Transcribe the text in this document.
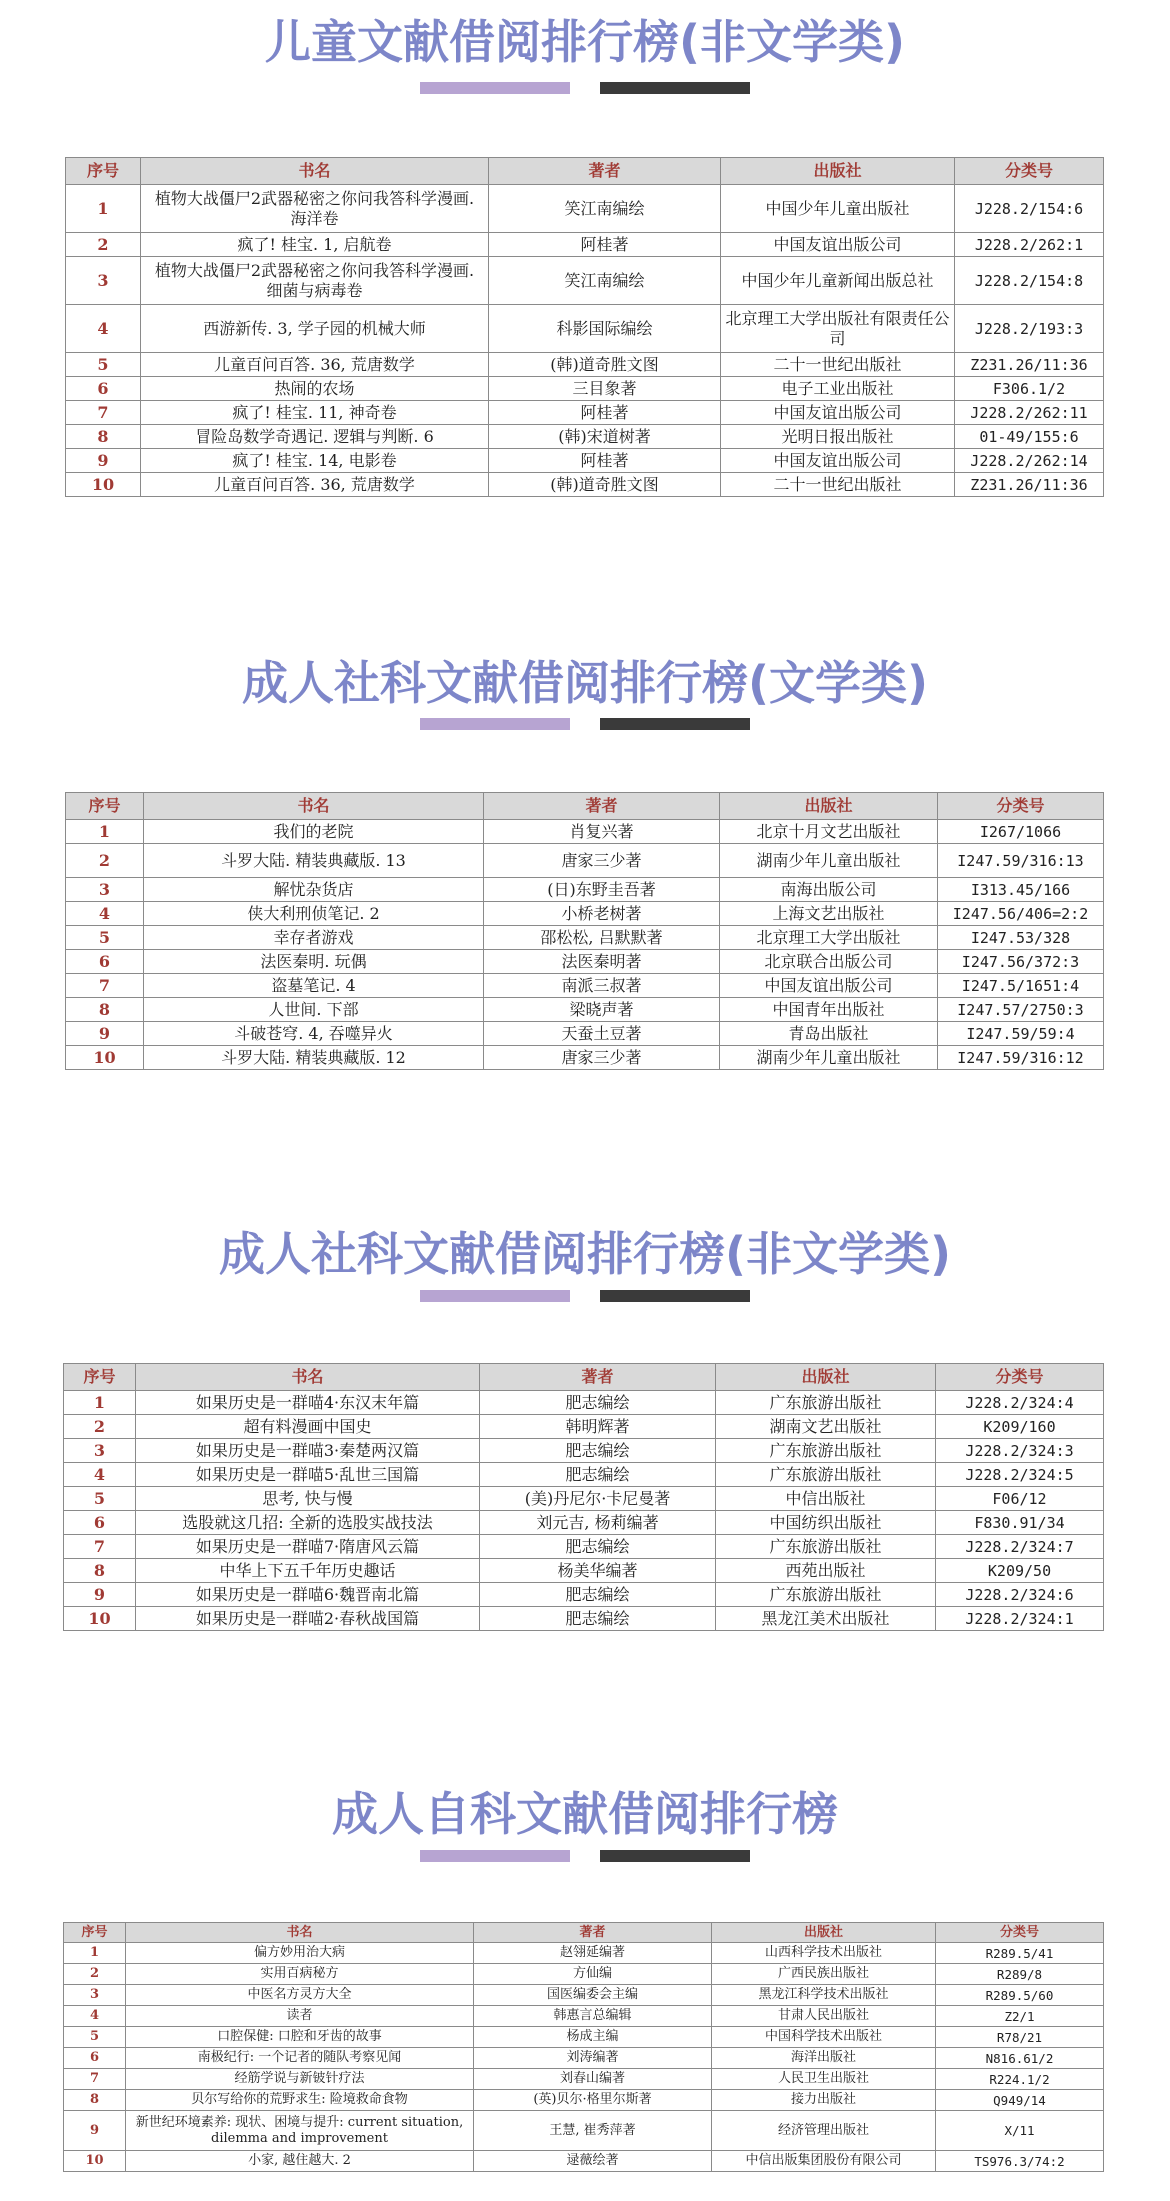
儿童文献借阅排行榜(非文学类)
序号	书名	著者	出版社	分类号
1	植物大战僵尸2武器秘密之你问我答科学漫画. 海洋卷	笑江南编绘	中国少年儿童出版社	J228.2/154:6
2	疯了! 桂宝. 1, 启航卷	阿桂著	中国友谊出版公司	J228.2/262:1
3	植物大战僵尸2武器秘密之你问我答科学漫画. 细菌与病毒卷	笑江南编绘	中国少年儿童新闻出版总社	J228.2/154:8
4	西游新传. 3, 学子园的机械大师	科影国际编绘	北京理工大学出版社有限责任公司	J228.2/193:3
5	儿童百问百答. 36, 荒唐数学	(韩)道奇胜文图	二十一世纪出版社	Z231.26/11:36
6	热闹的农场	三目象著	电子工业出版社	F306.1/2
7	疯了! 桂宝. 11, 神奇卷	阿桂著	中国友谊出版公司	J228.2/262:11
8	冒险岛数学奇遇记. 逻辑与判断. 6	(韩)宋道树著	光明日报出版社	01-49/155:6
9	疯了! 桂宝. 14, 电影卷	阿桂著	中国友谊出版公司	J228.2/262:14
10	儿童百问百答. 36, 荒唐数学	(韩)道奇胜文图	二十一世纪出版社	Z231.26/11:36
成人社科文献借阅排行榜(文学类)
序号	书名	著者	出版社	分类号
1	我们的老院	肖复兴著	北京十月文艺出版社	I267/1066
2	斗罗大陆. 精装典藏版. 13	唐家三少著	湖南少年儿童出版社	I247.59/316:13
3	解忧杂货店	(日)东野圭吾著	南海出版公司	I313.45/166
4	侠大利刑侦笔记. 2	小桥老树著	上海文艺出版社	I247.56/406=2:2
5	幸存者游戏	邵松松, 吕默默著	北京理工大学出版社	I247.53/328
6	法医秦明. 玩偶	法医秦明著	北京联合出版公司	I247.56/372:3
7	盗墓笔记. 4	南派三叔著	中国友谊出版公司	I247.5/1651:4
8	人世间. 下部	梁晓声著	中国青年出版社	I247.57/2750:3
9	斗破苍穹. 4, 吞噬异火	天蚕土豆著	青岛出版社	I247.59/59:4
10	斗罗大陆. 精装典藏版. 12	唐家三少著	湖南少年儿童出版社	I247.59/316:12
成人社科文献借阅排行榜(非文学类)
序号	书名	著者	出版社	分类号
1	如果历史是一群喵4·东汉末年篇	肥志编绘	广东旅游出版社	J228.2/324:4
2	超有料漫画中国史	韩明辉著	湖南文艺出版社	K209/160
3	如果历史是一群喵3·秦楚两汉篇	肥志编绘	广东旅游出版社	J228.2/324:3
4	如果历史是一群喵5·乱世三国篇	肥志编绘	广东旅游出版社	J228.2/324:5
5	思考, 快与慢	(美)丹尼尔·卡尼曼著	中信出版社	F06/12
6	选股就这几招: 全新的选股实战技法	刘元吉, 杨莉编著	中国纺织出版社	F830.91/34
7	如果历史是一群喵7·隋唐风云篇	肥志编绘	广东旅游出版社	J228.2/324:7
8	中华上下五千年历史趣话	杨美华编著	西苑出版社	K209/50
9	如果历史是一群喵6·魏晋南北篇	肥志编绘	广东旅游出版社	J228.2/324:6
10	如果历史是一群喵2·春秋战国篇	肥志编绘	黑龙江美术出版社	J228.2/324:1
成人自科文献借阅排行榜
序号	书名	著者	出版社	分类号
1	偏方妙用治大病	赵翎延编著	山西科学技术出版社	R289.5/41
2	实用百病秘方	方仙编	广西民族出版社	R289/8
3	中医名方灵方大全	国医编委会主编	黑龙江科学技术出版社	R289.5/60
4	读者	韩惠言总编辑	甘肃人民出版社	Z2/1
5	口腔保健: 口腔和牙齿的故事	杨成主编	中国科学技术出版社	R78/21
6	南极纪行: 一个记者的随队考察见闻	刘涛编著	海洋出版社	N816.61/2
7	经筋学说与新铍针疗法	刘春山编著	人民卫生出版社	R224.1/2
8	贝尔写给你的荒野求生: 险境救命食物	(英)贝尔·格里尔斯著	接力出版社	Q949/14
9	新世纪环境素养: 现状、困境与提升: current situation, dilemma and improvement	王慧, 崔秀萍著	经济管理出版社	X/11
10	小家, 越住越大. 2	逯薇绘著	中信出版集团股份有限公司	TS976.3/74:2
